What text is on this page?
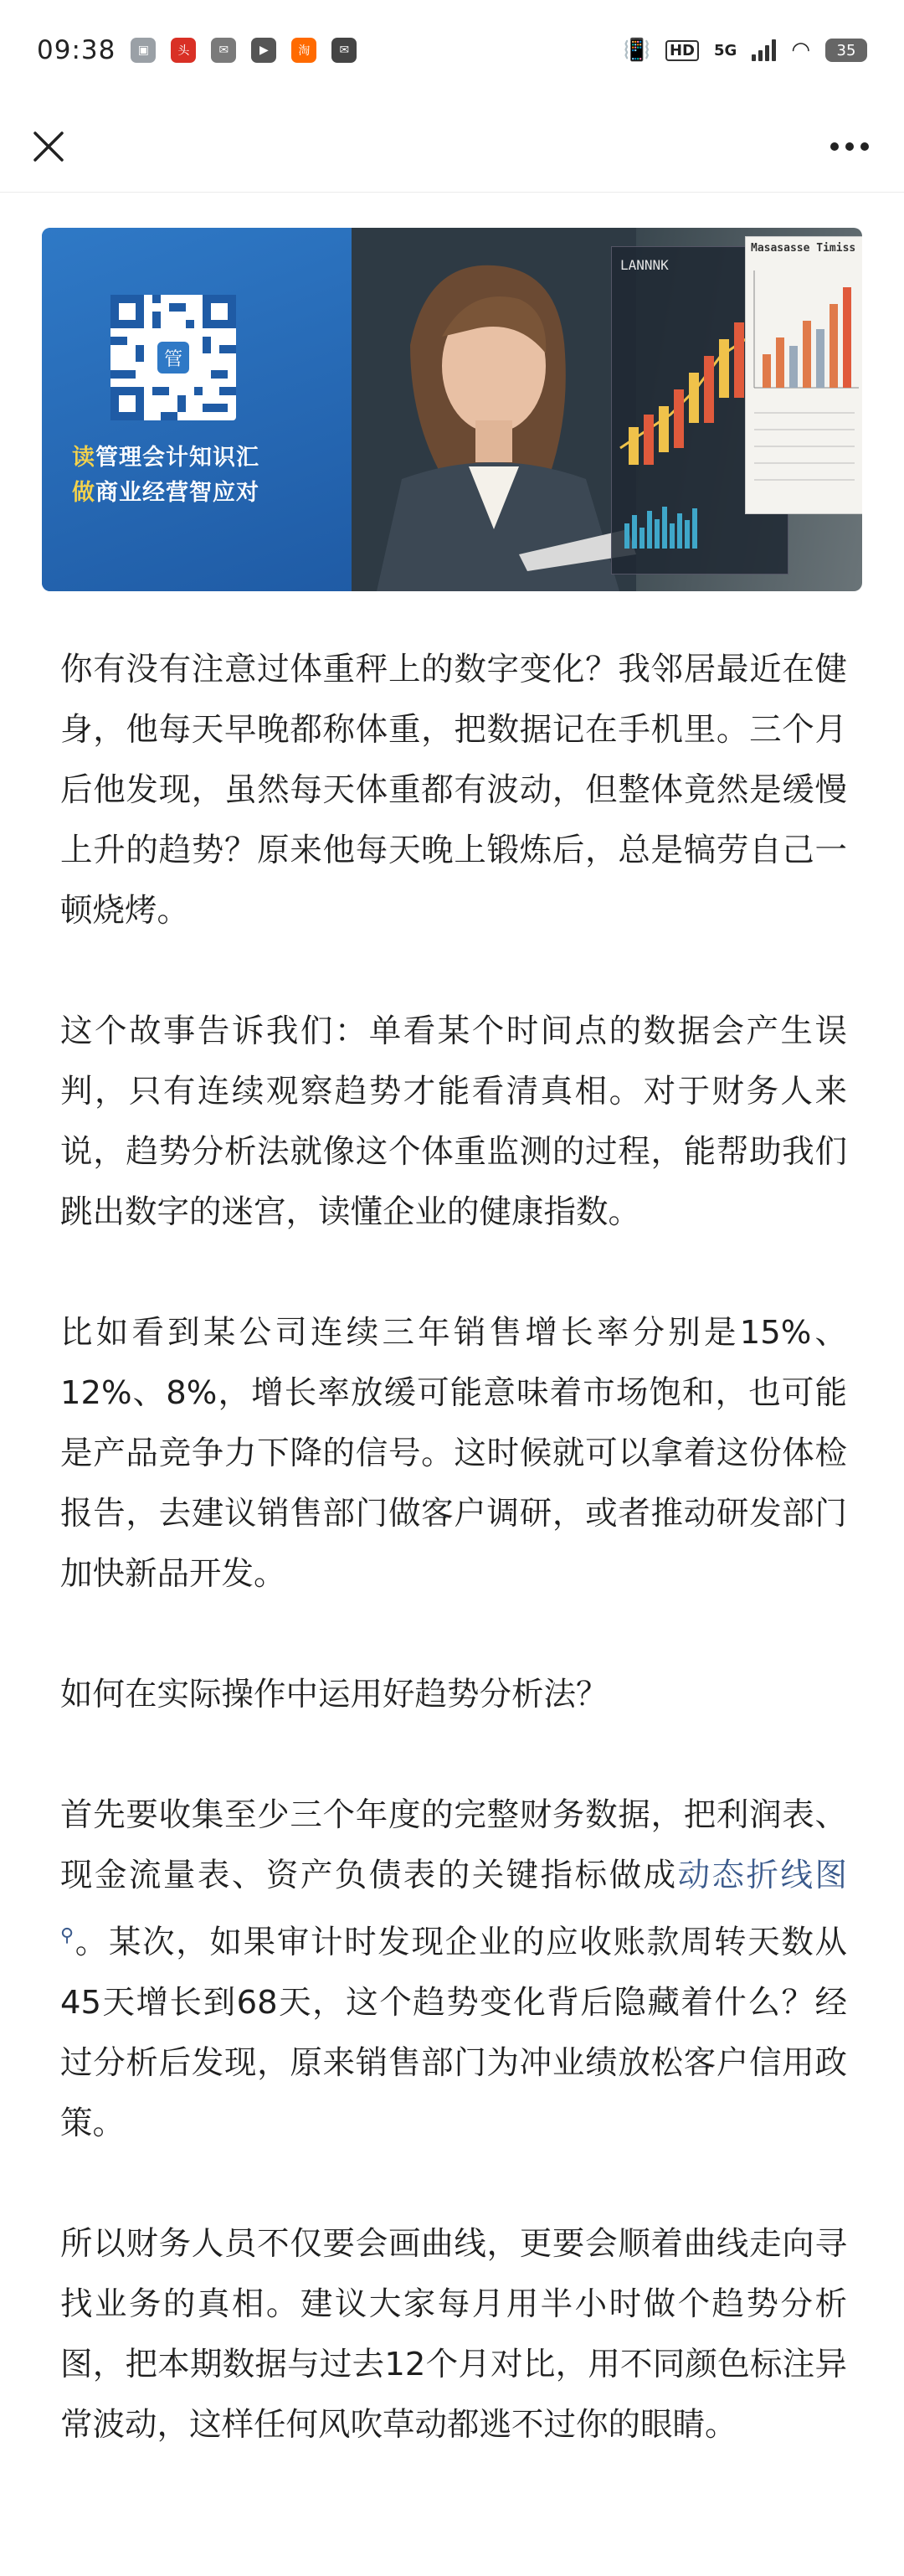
09:38	▣	头	✉	▶	淘	✉	📳 HD 5G	◠	35
管
读管理会计知识汇
做商业经营智应对
LANNNK
Masasasse Timiss

你有没有注意过体重秤上的数字变化？我邻居最近在健身，他每天早晚都称体重，把数据记在手机里。三个月后他发现，虽然每天体重都有波动，但整体竟然是缓慢上升的趋势？原来他每天晚上锻炼后，总是犒劳自己一顿烧烤。

这个故事告诉我们：单看某个时间点的数据会产生误判，只有连续观察趋势才能看清真相。对于财务人来说，趋势分析法就像这个体重监测的过程，能帮助我们跳出数字的迷宫，读懂企业的健康指数。

比如看到某公司连续三年销售增长率分别是15%、12%、8%，增长率放缓可能意味着市场饱和，也可能是产品竞争力下降的信号。这时候就可以拿着这份体检报告，去建议销售部门做客户调研，或者推动研发部门加快新品开发。

如何在实际操作中运用好趋势分析法？

首先要收集至少三个年度的完整财务数据，把利润表、现金流量表、资产负债表的关键指标做成动态折线图⚲。某次，如果审计时发现企业的应收账款周转天数从45天增长到68天，这个趋势变化背后隐藏着什么？经过分析后发现，原来销售部门为冲业绩放松客户信用政策。

所以财务人员不仅要会画曲线，更要会顺着曲线走向寻找业务的真相。建议大家每月用半小时做个趋势分析图，把本期数据与过去12个月对比，用不同颜色标注异常波动，这样任何风吹草动都逃不过你的眼睛。
